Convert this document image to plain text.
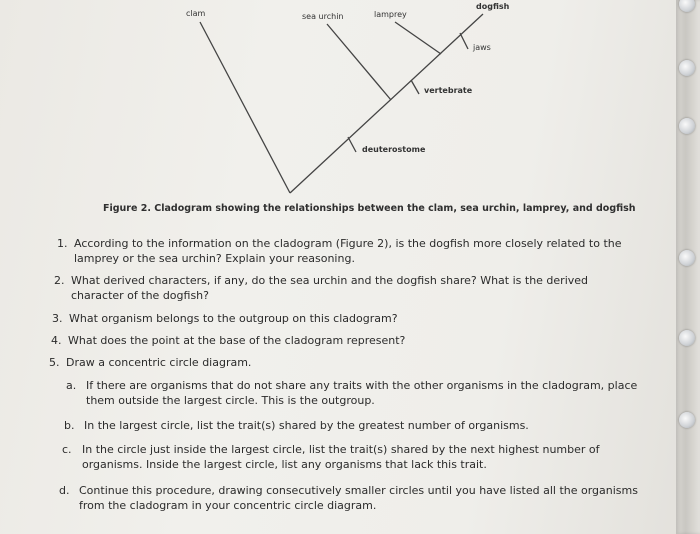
clam	sea urchin	lamprey
dogfish
jaws
vertebrate
deuterostome
Figure 2. Cladogram showing the relationships between the clam, sea urchin, lamprey, and dogfish
1. According to the information on the cladogram (Figure 2), is the dogfish more closely related to the lamprey or the sea urchin? Explain your reasoning.
2. What derived characters, if any, do the sea urchin and the dogfish share? What is the derived character of the dogfish?
3. What organism belongs to the outgroup on this cladogram?
4. What does the point at the base of the cladogram represent?
5. Draw a concentric circle diagram.
a. If there are organisms that do not share any traits with the other organisms in the cladogram, place them outside the largest circle. This is the outgroup.
b. In the largest circle, list the trait(s) shared by the greatest number of organisms.
c. In the circle just inside the largest circle, list the trait(s) shared by the next highest number of organisms. Inside the largest circle, list any organisms that lack this trait.
d. Continue this procedure, drawing consecutively smaller circles until you have listed all the organisms from the cladogram in your concentric circle diagram.
